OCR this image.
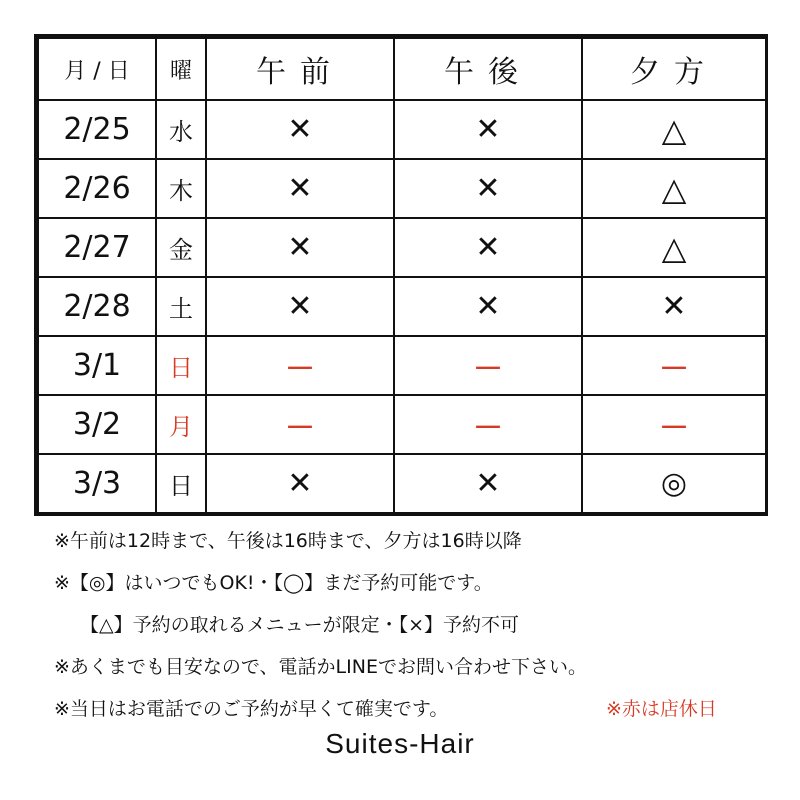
月 / 日	曜	午前	午後	夕方
2/25	水	✕	✕	△
2/26	木	✕	✕	△
2/27	金	✕	✕	△
2/28	土	✕	✕	✕
3/1	日	－	－	－
3/2	月	－	－	－
3/3	日	✕	✕	◎
※午前は12時まで、午後は16時まで、夕方は16時以降
※【◎】はいつでもOK!・【◯】まだ予約可能です。
【△】予約の取れるメニューが限定・【×】予約不可
※あくまでも目安なので、電話かLINEでお問い合わせ下さい。
※当日はお電話でのご予約が早くて確実です。	※赤は店休日
Suites-Hair
